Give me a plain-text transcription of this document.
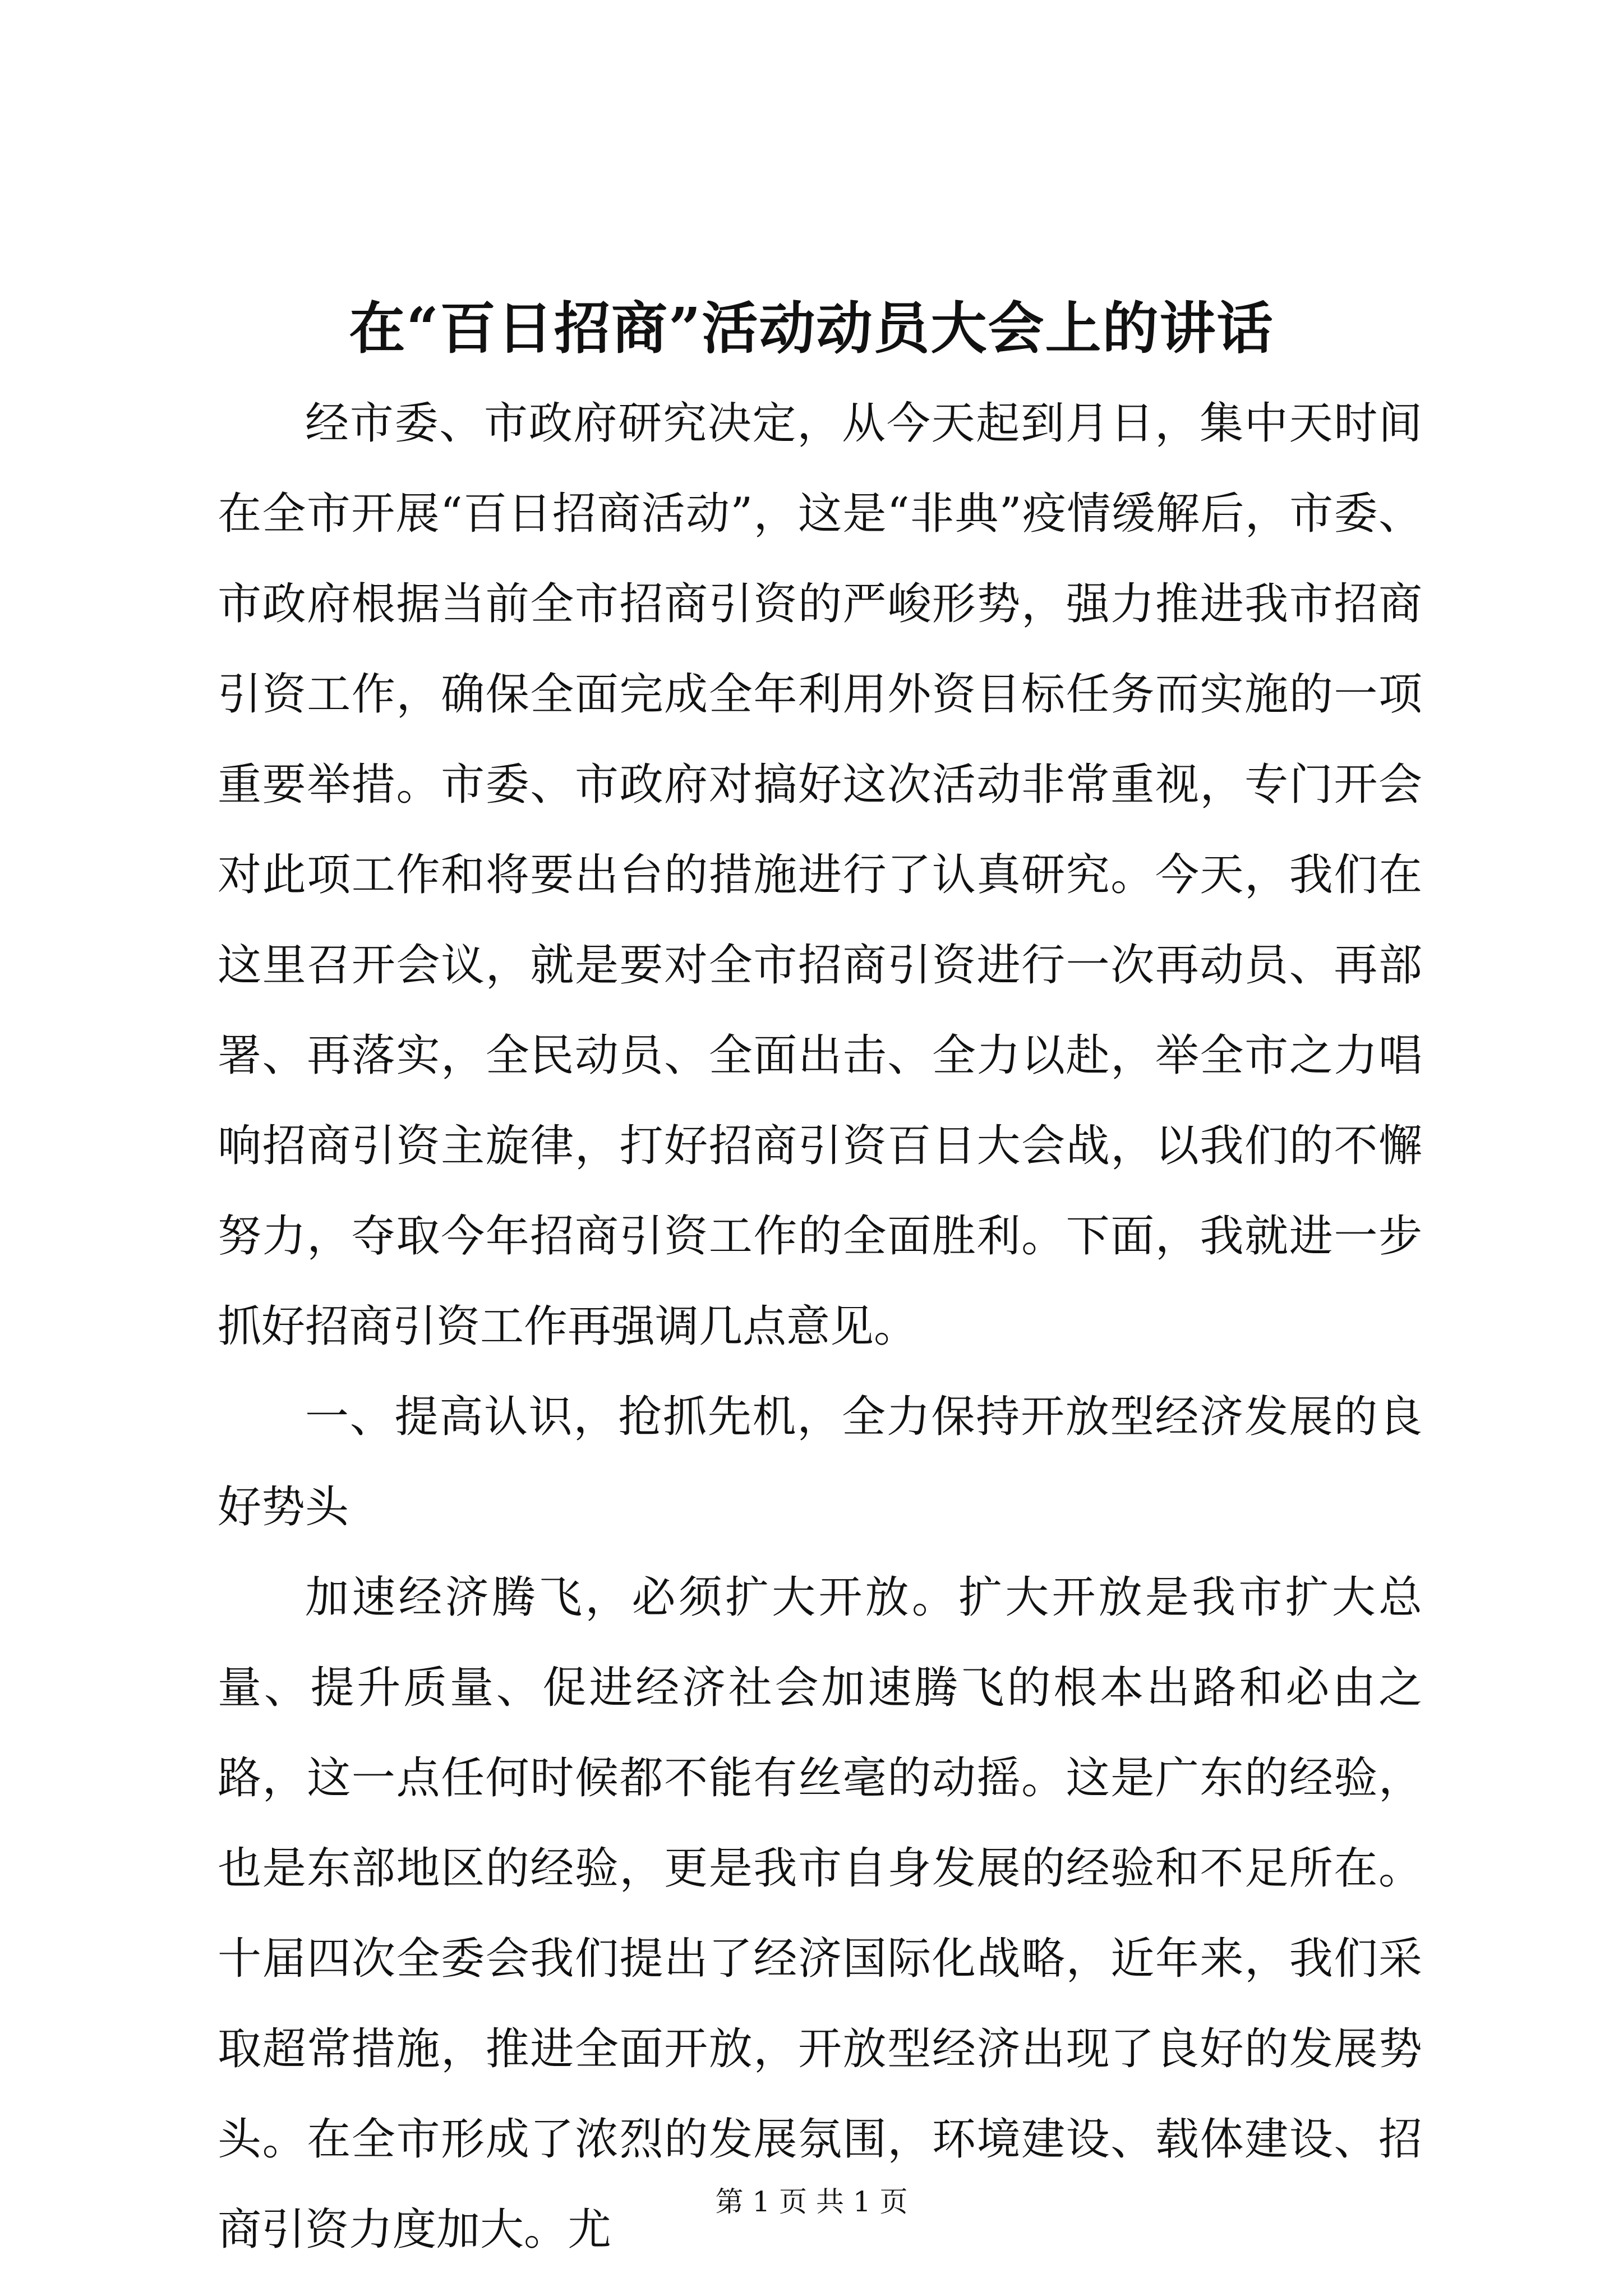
在“百日招商”活动动员大会上的讲话

经市委、市政府研究决定，从今天起到月日，集中天时间在全市开展“百日招商活动”，这是“非典”疫情缓解后，市委、市政府根据当前全市招商引资的严峻形势，强力推进我市招商引资工作，确保全面完成全年利用外资目标任务而实施的一项重要举措。市委、市政府对搞好这次活动非常重视，专门开会对此项工作和将要出台的措施进行了认真研究。今天，我们在这里召开会议，就是要对全市招商引资进行一次再动员、再部署、再落实，全民动员、全面出击、全力以赴，举全市之力唱响招商引资主旋律，打好招商引资百日大会战，以我们的不懈努力，夺取今年招商引资工作的全面胜利。下面，我就进一步抓好招商引资工作再强调几点意见。

一、提高认识，抢抓先机，全力保持开放型经济发展的良好势头

加速经济腾飞，必须扩大开放。扩大开放是我市扩大总量、提升质量、促进经济社会加速腾飞的根本出路和必由之路，这一点任何时候都不能有丝毫的动摇。这是广东的经验，也是东部地区的经验，更是我市自身发展的经验和不足所在。十届四次全委会我们提出了经济国际化战略，近年来，我们采取超常措施，推进全面开放，开放型经济出现了良好的发展势头。在全市形成了浓烈的发展氛围，环境建设、载体建设、招商引资力度加大。尤

第 1 页 共 1 页
